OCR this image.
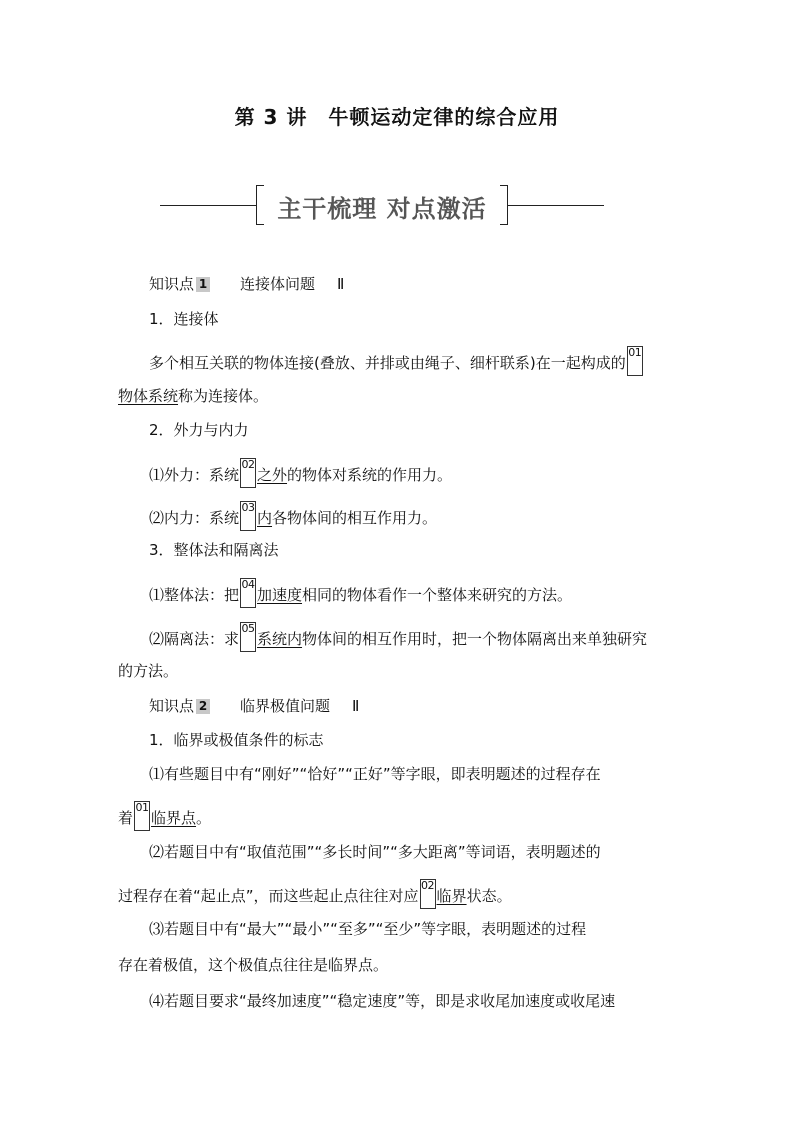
第 3 讲　牛顿运动定律的综合应用
主干梳理 对点激活
知识点 1 连接体问题 Ⅱ
1．连接体
多个相互关联的物体连接(叠放、并排或由绳子、细杆联系)在一起构成的
01
物体系统称为连接体。
2．外力与内力
⑴外力：系统
02
之外的物体对系统的作用力。
⑵内力：系统
03
内各物体间的相互作用力。
3．整体法和隔离法
⑴整体法：把
04
加速度相同的物体看作一个整体来研究的方法。
⑵隔离法：求
05
系统内物体间的相互作用时，把一个物体隔离出来单独研究
的方法。
知识点 2 临界极值问题 Ⅱ
1．临界或极值条件的标志
⑴有些题目中有“刚好”“恰好”“正好”等字眼，即表明题述的过程存在
着
01
临界点。
⑵若题目中有“取值范围”“多长时间”“多大距离”等词语，表明题述的
过程存在着“起止点”，而这些起止点往往对应
02
临界状态。
⑶若题目中有“最大”“最小”“至多”“至少”等字眼，表明题述的过程
存在着极值，这个极值点往往是临界点。
⑷若题目要求“最终加速度”“稳定速度”等，即是求收尾加速度或收尾速
